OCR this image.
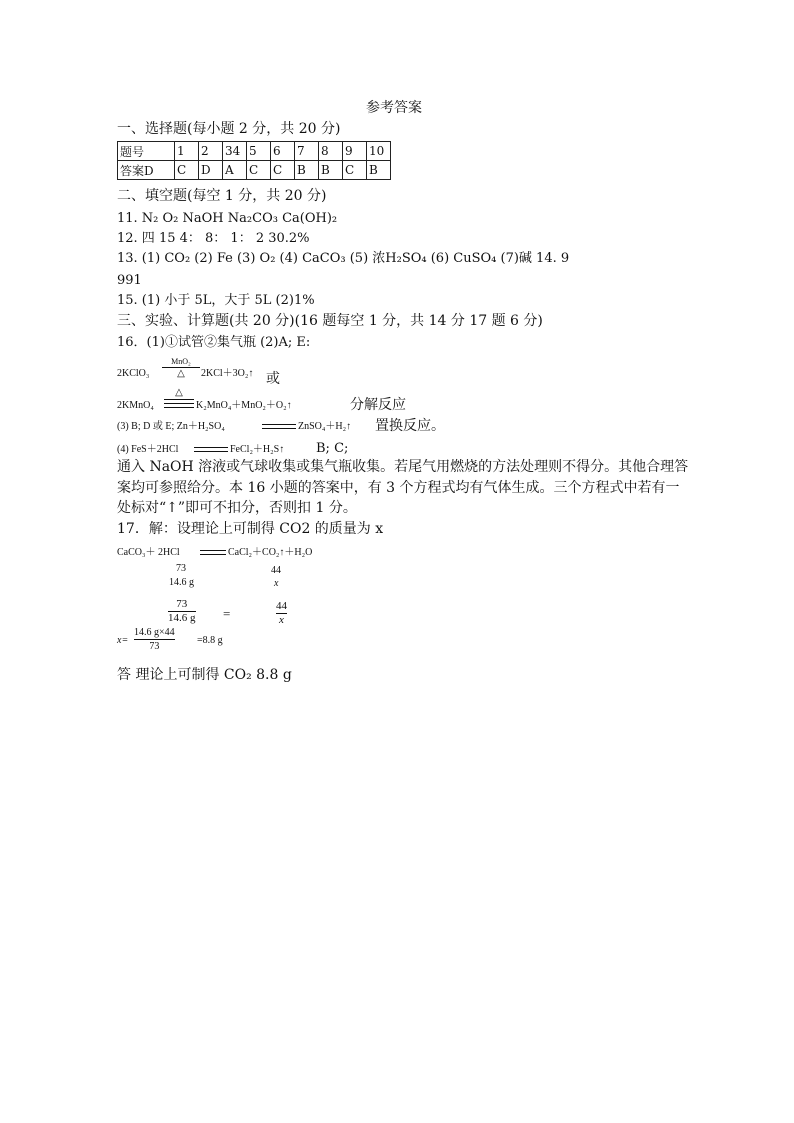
参考答案
一、选择题(每小题 2 分，共 20 分)
题号	1	2	34	5	6	7	8	9	10
答案D	C	D	A	C	C	B	B	C	B
二、填空题(每空 1 分，共 20 分)
11. N₂ O₂ NaOH Na₂CO₃ Ca(OH)₂
12. 四 15 4： 8： 1： 2 30.2%
13. (1) CO₂ (2) Fe (3) O₂ (4) CaCO₃ (5) 浓H₂SO₄ (6) CuSO₄ (7)碱 14. 9
991
15. (1) 小于 5L，大于 5L (2)1%
三、实验、计算题(共 20 分)(16 题每空 1 分，共 14 分 17 题 6 分)
16．(1)①试管②集气瓶 (2)A; E:
2KClO₃
MnO₂
△ 2KCl＋3O₂↑ 或
2KMnO₄
△
K₂MnO₄＋MnO₂＋O₂↑	分解反应
(3) B; D 或 E; Zn＋H₂SO₄	ZnSO₄＋H₂↑ 置换反应。
(4) FeS＋2HCl	FeCl₂＋H₂S↑ B; C;
通入 NaOH 溶液或气球收集或集气瓶收集。若尾气用燃烧的方法处理则不得分。其他合理答
案均可参照给分。本 16 小题的答案中，有 3 个方程式均有气体生成。三个方程式中若有一
处标对“↑”即可不扣分，否则扣 1 分。
17．解：设理论上可制得 CO2 的质量为 x
CaCO₃＋ 2HCl	CaCl₂＋CO₂↑＋H₂O
73	44
14.6 g	x
73
14.6 g =	44
x
x=
14.6 g×44
73
=8.8 g
答 理论上可制得 CO₂ 8.8 g
